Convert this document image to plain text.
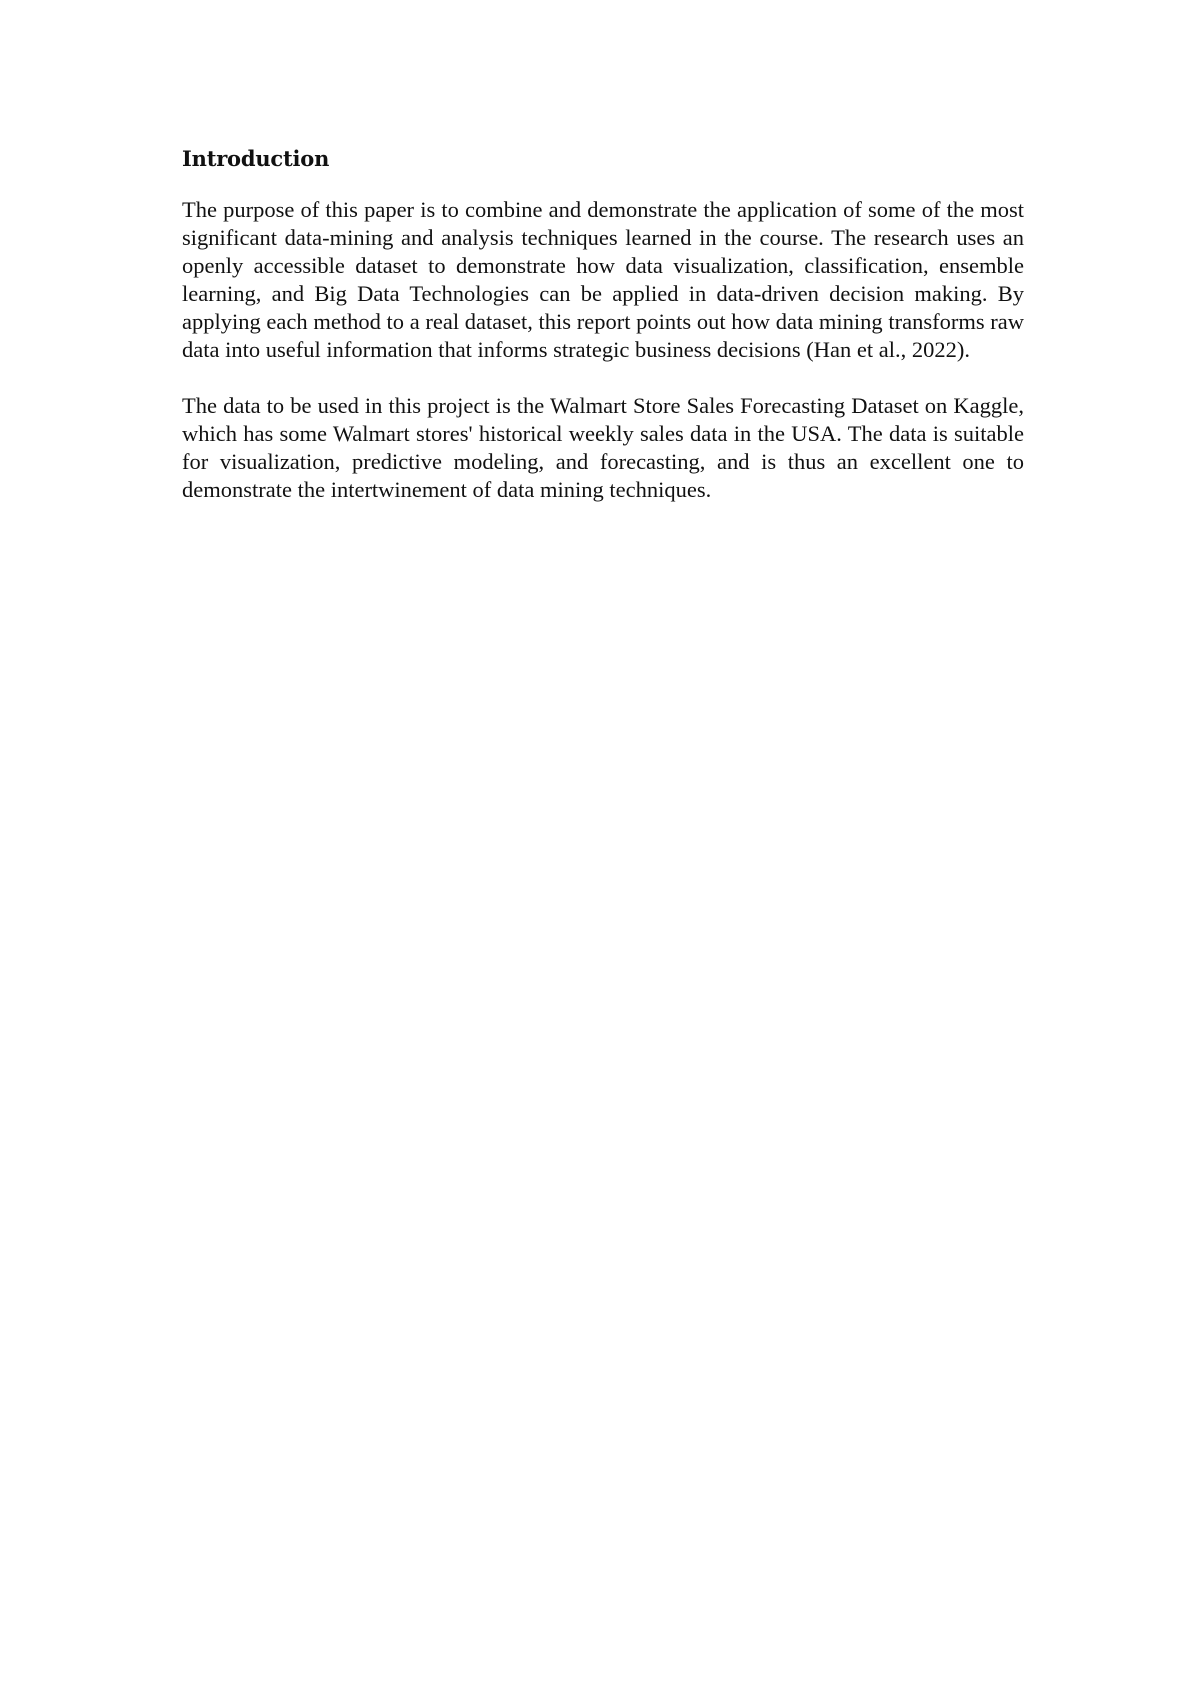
Introduction

The purpose of this paper is to combine and demonstrate the application of some of the most significant data-mining and analysis techniques learned in the course. The research uses an openly accessible dataset to demonstrate how data visualization, classification, ensemble learning, and Big Data Technologies can be applied in data-driven decision making. By applying each method to a real dataset, this report points out how data mining transforms raw data into useful information that informs strategic business decisions (Han et al., 2022).

The data to be used in this project is the Walmart Store Sales Forecasting Dataset on Kaggle, which has some Walmart stores' historical weekly sales data in the USA. The data is suitable for visualization, predictive modeling, and forecasting, and is thus an excellent one to demonstrate the intertwinement of data mining techniques.
